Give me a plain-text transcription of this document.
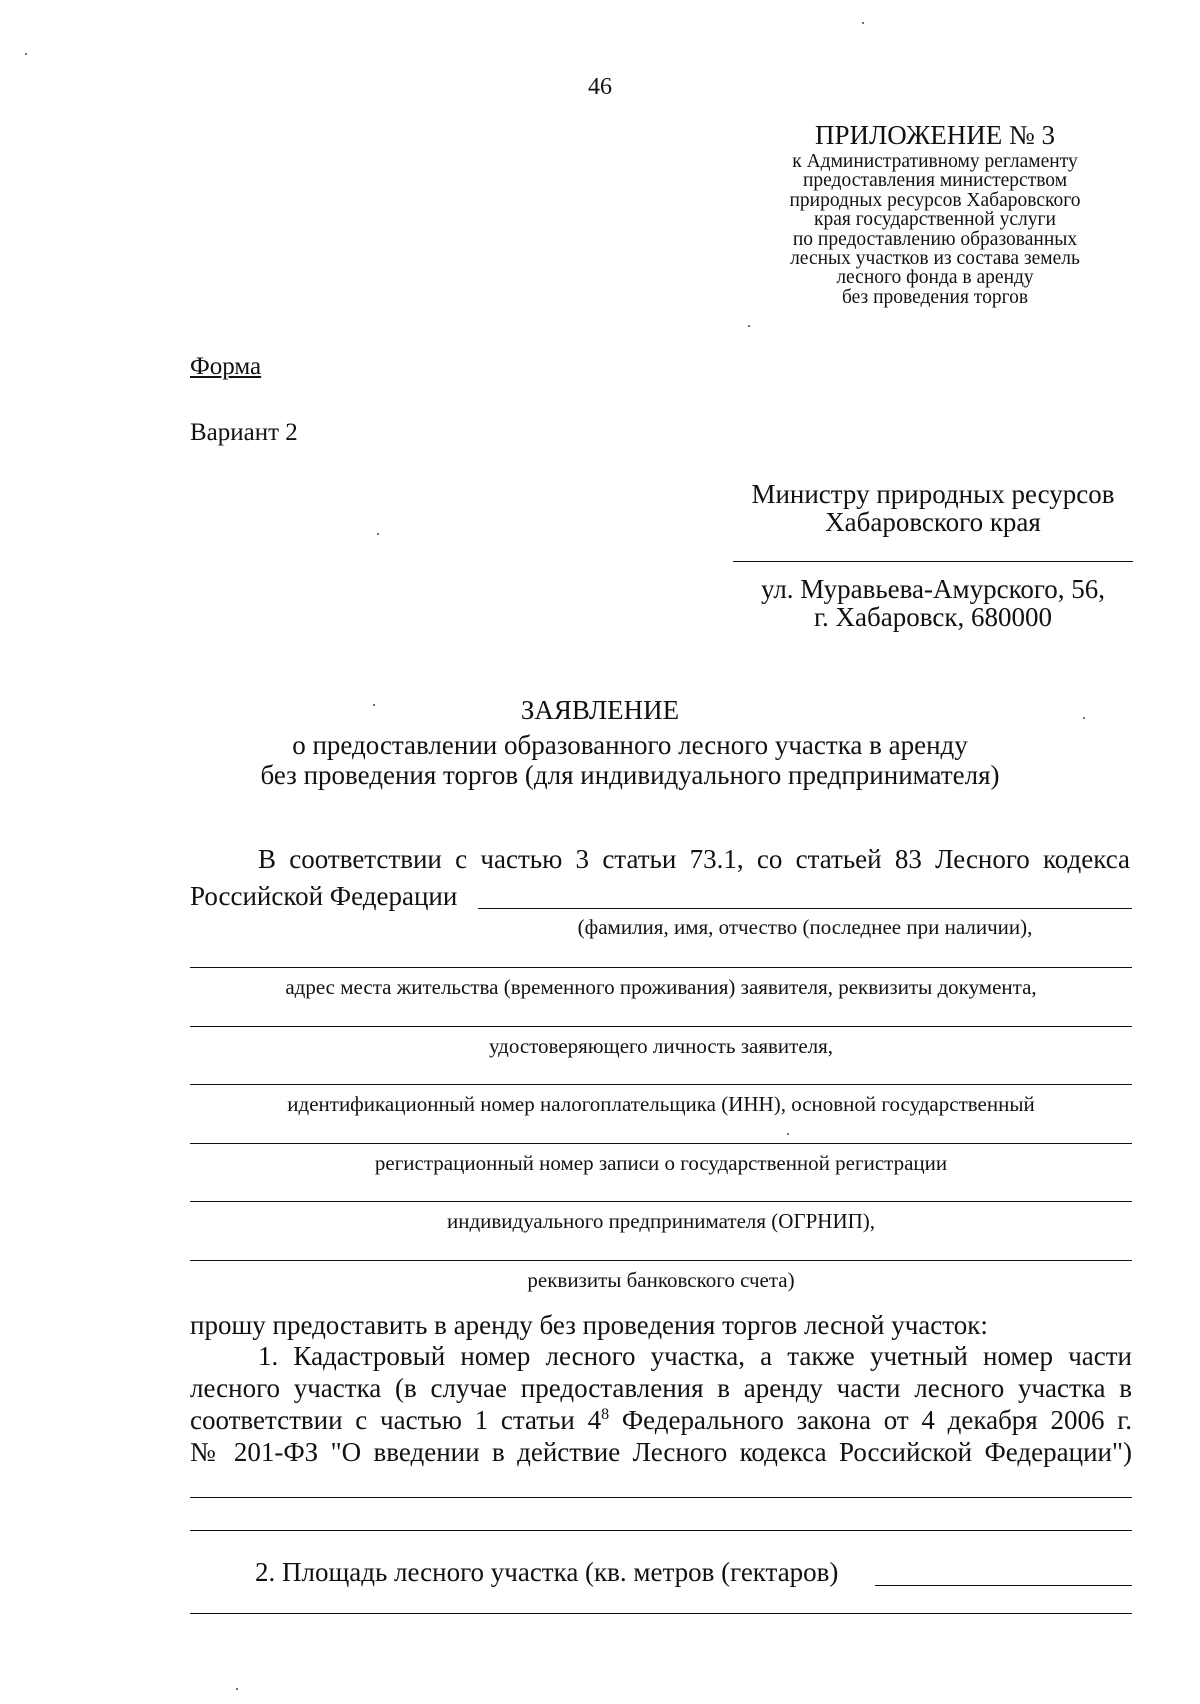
46
ПРИЛОЖЕНИЕ № 3
к Административному регламенту
предоставления министерством
природных ресурсов Хабаровского
края государственной услуги
по предоставлению образованных
лесных участков из состава земель
лесного фонда в аренду
без проведения торгов
Форма
Вариант 2
Министру природных ресурсов
Хабаровского края
ул. Муравьева-Амурского, 56,
г. Хабаровск, 680000
ЗАЯВЛЕНИЕ
о предоставлении образованного лесного участка в аренду
без проведения торгов (для индивидуального предпринимателя)
В соответствии с частью 3 статьи 73.1, со статьей 83 Лесного кодекса
Российской Федерации
(фамилия, имя, отчество (последнее при наличии),
адрес места жительства (временного проживания) заявителя, реквизиты документа,
удостоверяющего личность заявителя,
идентификационный номер налогоплательщика (ИНН), основной государственный
регистрационный номер записи о государственной регистрации
индивидуального предпринимателя (ОГРНИП),
реквизиты банковского счета)
прошу предоставить в аренду без проведения торгов лесной участок:
1. Кадастровый номер лесного участка, а также учетный номер части
лесного участка (в случае предоставления в аренду части лесного участка в
соответствии с частью 1 статьи $4^8$ Федерального закона от 4 декабря 2006 г.
№ 201-ФЗ "О введении в действие Лесного кодекса Российской Федерации")
2. Площадь лесного участка (кв. метров (гектаров)
